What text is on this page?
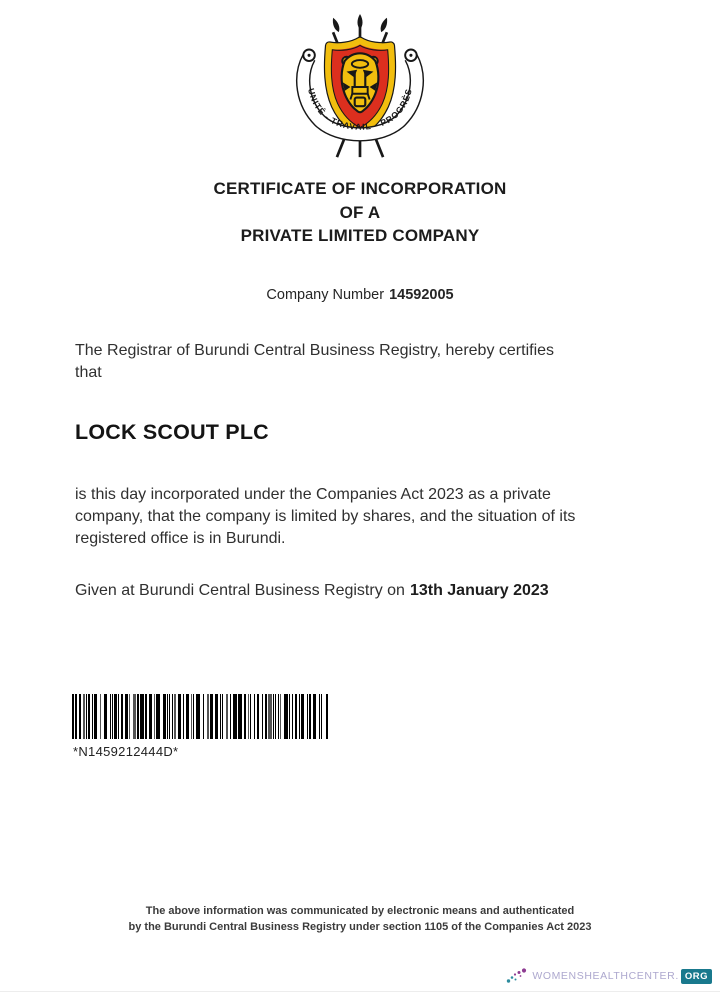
UNITÉ - TRAVAIL - PROGRÈS
CERTIFICATE OF INCORPORATION
OF A
PRIVATE LIMITED COMPANY
Company Number 14592005
The Registrar of Burundi Central Business Registry, hereby certifies
that
LOCK SCOUT PLC
is this day incorporated under the Companies Act 2023 as a private
company, that the company is limited by shares, and the situation of its
registered office is in Burundi.
Given at Burundi Central Business Registry on 13th January 2023
*N1459212444D*
The above information was communicated by electronic means and authenticated
by the Burundi Central Business Registry under section 1105 of the Companies Act 2023
WOMENSHEALTHCENTER. ORG
